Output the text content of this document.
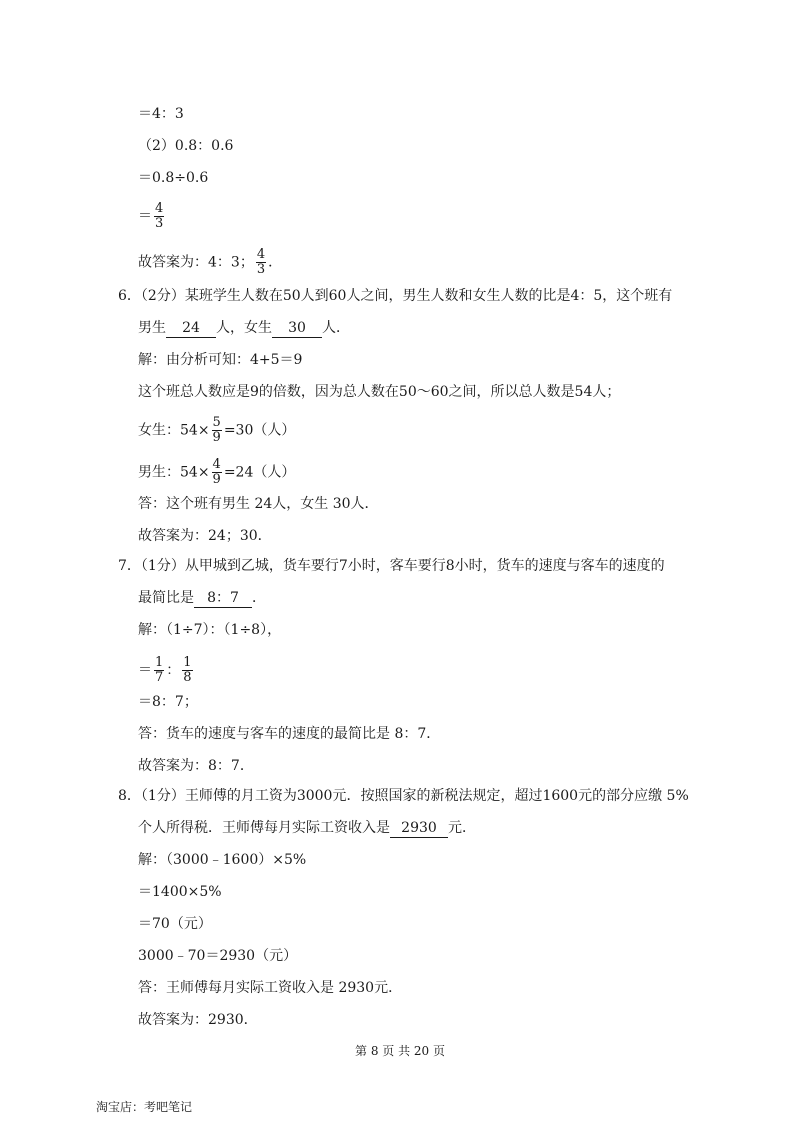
＝4：3
（2）0.8：0.6
＝0.8÷0.6
＝ $\frac{4}{3}$
故答案为：4：3； $\frac{4}{3}$ ．
6．（2分）某班学生人数在50人到60人之间，男生人数和女生人数的比是4：5，这个班有
男生 24 人，女生 30 人．
解：由分析可知：4+5＝9
这个班总人数应是9的倍数，因为总人数在50～60之间，所以总人数是54人；
女生：$54\times \frac{5}{9} =30$（人）
男生：$54\times \frac{4}{9} =24$（人）
答：这个班有男生 24人，女生 30人．
故答案为：24；30．
7．（1分）从甲城到乙城，货车要行7小时，客车要行8小时，货车的速度与客车的速度的
最简比是 8：7 ．
解：（1÷7）：（1÷8），
＝ $\frac{1}{7}$ ： $\frac{1}{8}$
＝8：7；
答：货车的速度与客车的速度的最简比是 8：7．
故答案为：8：7．
8．（1分）王师傅的月工资为3000元．按照国家的新税法规定，超过1600元的部分应缴 5%
个人所得税．王师傅每月实际工资收入是 2930 元．
解：（3000﹣1600）×5%
＝1400×5%
＝70（元）
3000﹣70＝2930（元）
答：王师傅每月实际工资收入是 2930元．
故答案为：2930．
第 8 页 共 20 页
淘宝店：考吧笔记
